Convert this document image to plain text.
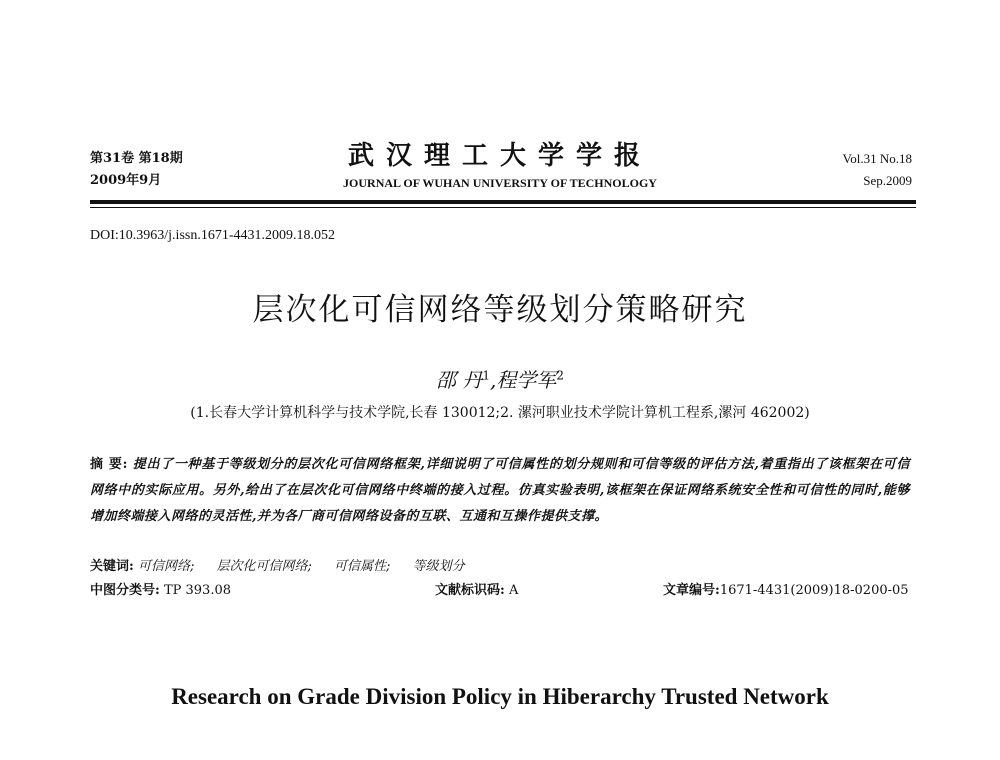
第31卷 第18期
2009年9月
武汉理工大学学报
JOURNAL OF WUHAN UNIVERSITY OF TECHNOLOGY
Vol.31 No.18
Sep.2009
DOI:10.3963/j.issn.1671-4431.2009.18.052
层次化可信网络等级划分策略研究
邵 丹$^1$,程学军$^2$
(1.长春大学计算机科学与技术学院,长春 130012;2. 漯河职业技术学院计算机工程系,漯河 462002)
摘 要: 提出了一种基于等级划分的层次化可信网络框架,详细说明了可信属性的划分规则和可信等级的评估方法,着重指出了该框架在可信网络中的实际应用。另外,给出了在层次化可信网络中终端的接入过程。仿真实验表明,该框架在保证网络系统安全性和可信性的同时,能够增加终端接入网络的灵活性,并为各厂商可信网络设备的互联、互通和互操作提供支撑。
关键词: 可信网络; 层次化可信网络; 可信属性; 等级划分
中图分类号: TP 393.08	文献标识码: A	文章编号:1671-4431(2009)18-0200-05
Research on Grade Division Policy in Hiberarchy Trusted Network
